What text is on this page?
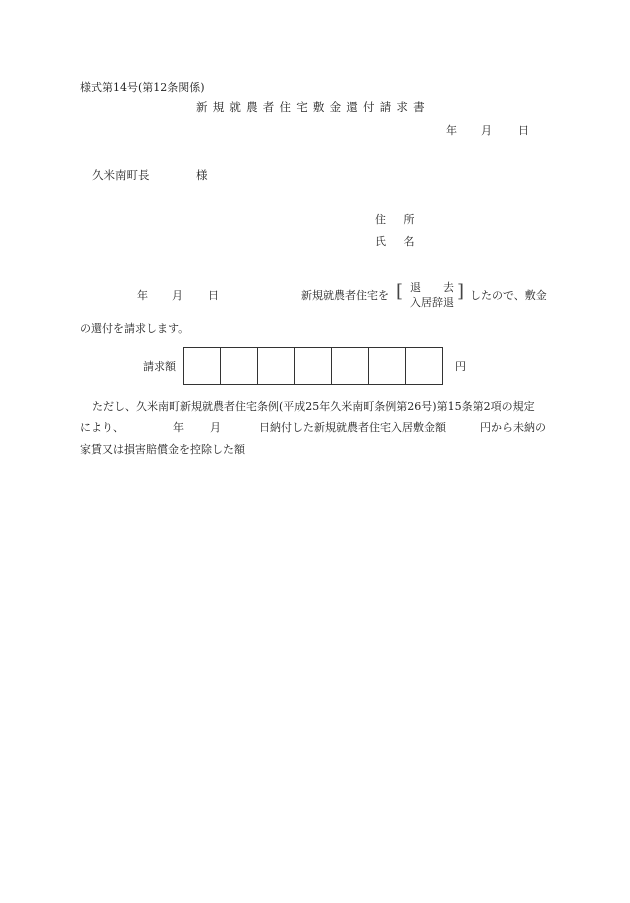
様式第14号(第12条関係)
新規就農者住宅敷金還付請求書
年 月 日
久米南町長	様
住 所
氏 名
年 月 日	新規就農者住宅を [ 退　　去
入居辞退
] したので、敷金
の還付を請求します。
請求額
							円
ただし、久米南町新規就農者住宅条例(平成25年久米南町条例第26号)第15条第2項の規定
により、	年 月	日納付した新規就農者住宅入居敷金額	円から未納の
家賃又は損害賠償金を控除した額
